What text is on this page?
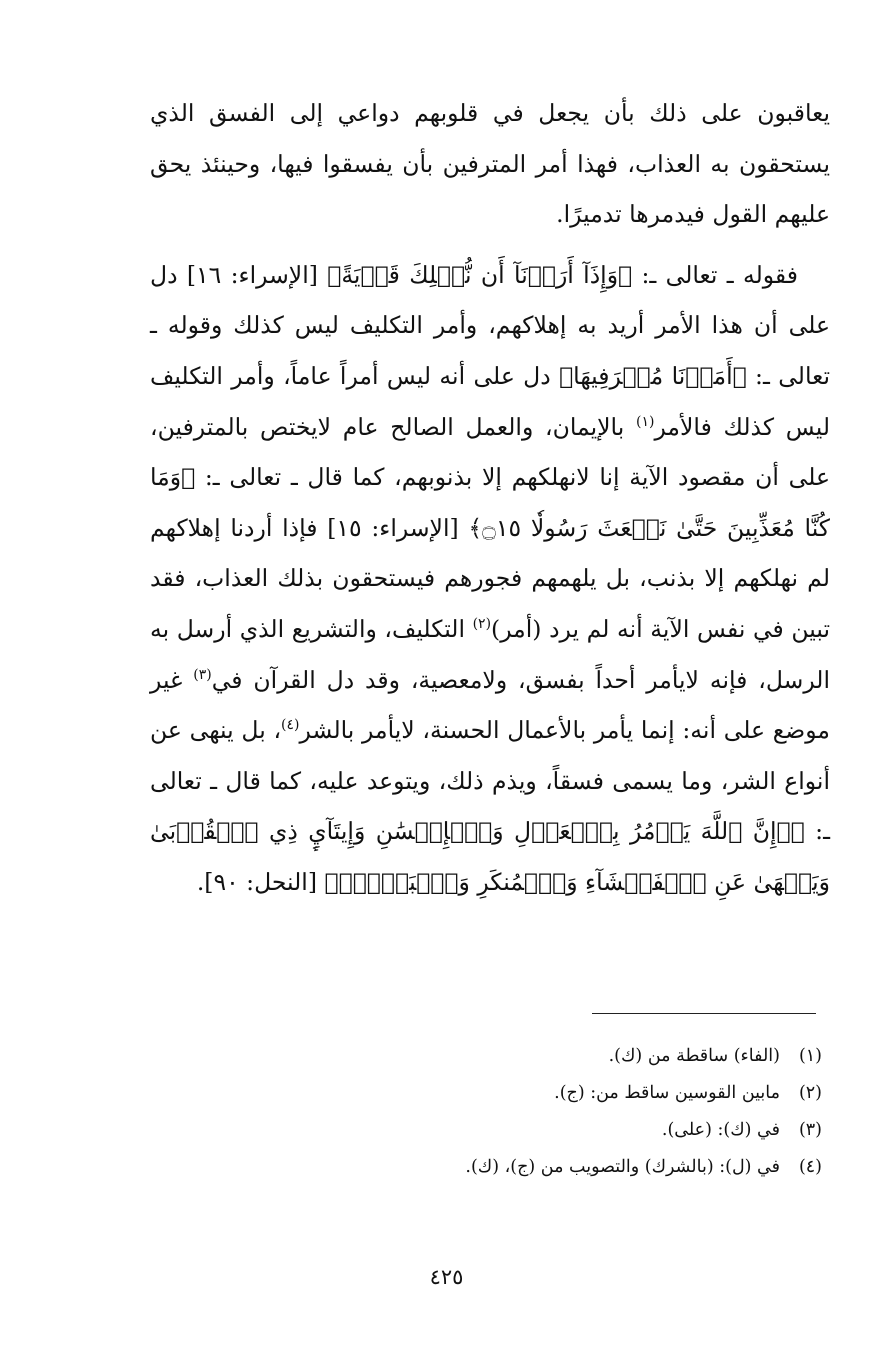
يعاقبون على ذلك بأن يجعل في قلوبهم دواعي إلى الفسق الذي يستحقون به العذاب، فهذا أمر المترفين بأن يفسقوا فيها، وحينئذ يحق عليهم القول فيدمرها تدميرًا.

فقوله ـ تعالى ـ: ﴿وَإِذَآ أَرَدۡنَآ أَن نُّهۡلِكَ قَرۡيَةً﴾ [الإسراء: ١٦] دل على أن هذا الأمر أريد به إهلاكهم، وأمر التكليف ليس كذلك وقوله ـ تعالى ـ: ﴿أَمَرۡنَا مُتۡرَفِيهَا﴾ دل على أنه ليس أمراً عاماً، وأمر التكليف ليس كذلك فالأمر$^{(١)}$ بالإيمان، والعمل الصالح عام لايختص بالمترفين، على أن مقصود الآية إنا لانهلكهم إلا بذنوبهم، كما قال ـ تعالى ـ: ﴿وَمَا كُنَّا مُعَذِّبِينَ حَتَّىٰ نَبۡعَثَ رَسُولٗا ۝١٥﴾ [الإسراء: ١٥] فإذا أردنا إهلاكهم لم نهلكهم إلا بذنب، بل يلهمهم فجورهم فيستحقون بذلك العذاب، فقد تبين في نفس الآية أنه لم يرد (أمر)$^{(٢)}$ التكليف، والتشريع الذي أرسل به الرسل، فإنه لايأمر أحداً بفسق، ولامعصية، وقد دل القرآن في$^{(٣)}$ غير موضع على أنه: إنما يأمر بالأعمال الحسنة، لايأمر بالشر$^{(٤)}$، بل ينهى عن أنواع الشر، وما يسمى فسقاً، ويذم ذلك، ويتوعد عليه، كما قال ـ تعالى ـ: ﴿۞إِنَّ ٱللَّهَ يَأۡمُرُ بِٱلۡعَدۡلِ وَٱلۡإِحۡسَٰنِ وَإِيتَآيِٕ ذِي ٱلۡقُرۡبَىٰ وَيَنۡهَىٰ عَنِ ٱلۡفَحۡشَآءِ وَٱلۡمُنكَرِ وَٱلۡبَغۡيِۚ﴾ [النحل: ٩٠].

(١)
(الفاء) ساقطة من (ك).
(٢)
مابين القوسين ساقط من: (ج).
(٣)
في (ك): (على).
(٤)
في (ل): (بالشرك) والتصويب من (ج)، (ك).
٤٢٥
